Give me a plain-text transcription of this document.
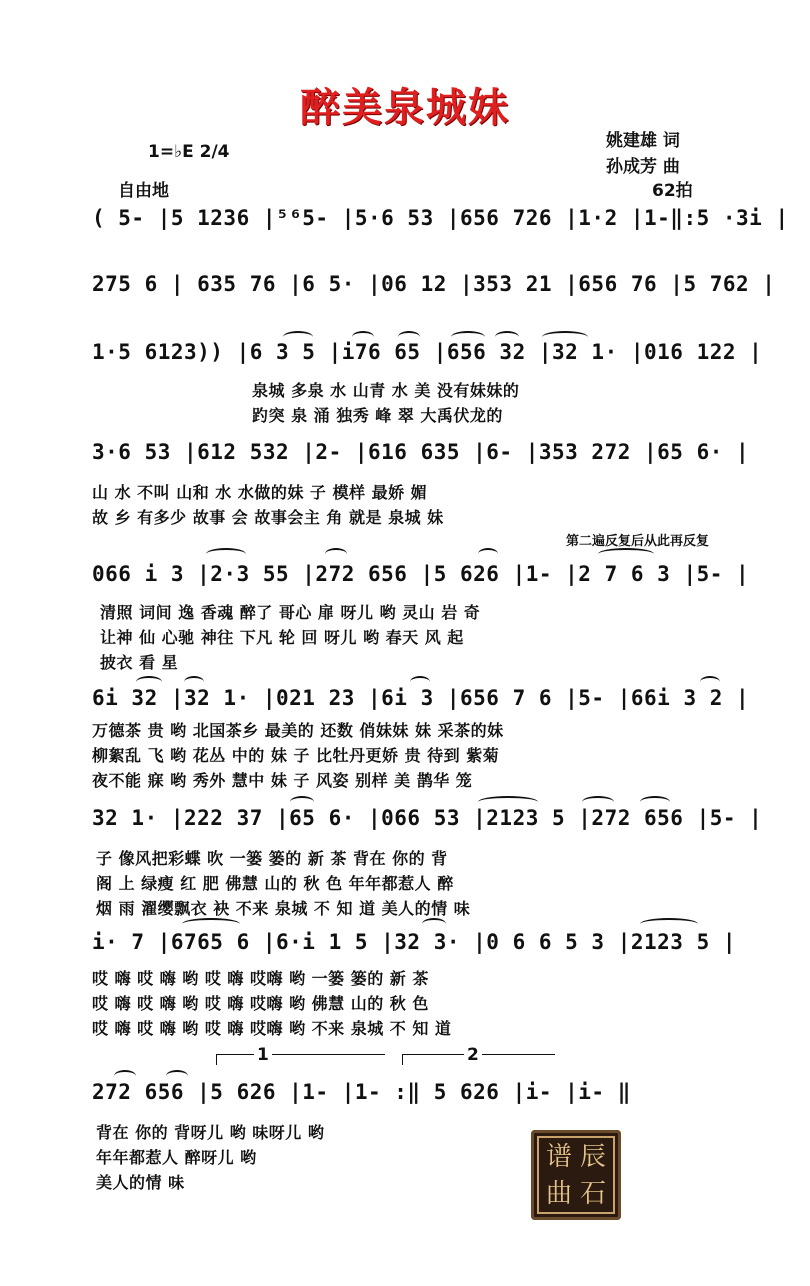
醉美泉城妹
1=♭E 2/4
姚建雄 词
孙成芳 曲
自由地	62拍
( 5- |5 1236 |⁵⁶5- |5·6 53 |656 726 |1·2 |1-‖:5 ·3i |
275 6 | 635 76 |6 5· |06 12 |353 21 |656 76 |5 762 |
1·5 6123)) |6 3 5 |i76 65 |656 32 |32 1· |016 122 |
泉城 多泉 水 山青 水 美 没有妹妹的
趵突 泉 涌 独秀 峰 翠 大禹伏龙的
3·6 53 |612 532 |2- |616 635 |6- |353 272 |65 6· |
山 水 不叫 山和 水 水做的妹 子 模样 最娇 媚
故 乡 有多少 故事 会 故事会主 角 就是 泉城 妹
第二遍反复后从此再反复
066 i 3 |2·3 55 |272 656 |5 626 |1- |2 7 6 3 |5- |
清照 词间 逸 香魂 醉了 哥心 扉 呀儿 哟 灵山 岩 奇
让神 仙 心驰 神往 下凡 轮 回 呀儿 哟 春天 风 起
披衣 看 星
6i 32 |32 1· |021 23 |6i 3 |656 7 6 |5- |66i 3 2 |
万德茶 贵 哟 北国茶乡 最美的 还数 俏妹妹 妹 采茶的妹
柳絮乱 飞 哟 花丛 中的 妹 子 比牡丹更娇 贵 待到 紫菊
夜不能 寐 哟 秀外 慧中 妹 子 风姿 别样 美 鹊华 笼
32 1· |222 37 |65 6· |066 53 |2123 5 |272 656 |5- |
子 像风把彩蝶 吹 一篓 篓的 新 茶 背在 你的 背
阁 上 绿瘦 红 肥 佛慧 山的 秋 色 年年都惹人 醉
烟 雨 濯缨飘衣 袂 不来 泉城 不 知 道 美人的情 味
i· 7 |6765 6 |6·i 1 5 |32 3· |0 6 6 5 3 |2123 5 |
哎 嗨 哎 嗨 哟 哎 嗨 哎嗨 哟 一篓 篓的 新 茶
哎 嗨 哎 嗨 哟 哎 嗨 哎嗨 哟 佛慧 山的 秋 色
哎 嗨 哎 嗨 哟 哎 嗨 哎嗨 哟 不来 泉城 不 知 道
1	2
272 656 |5 626 |1- |1- :‖ 5 626 |i- |i- ‖
背在 你的 背呀儿 哟 味呀儿 哟
年年都惹人 醉呀儿 哟
美人的情 味
谱 辰
曲 石
